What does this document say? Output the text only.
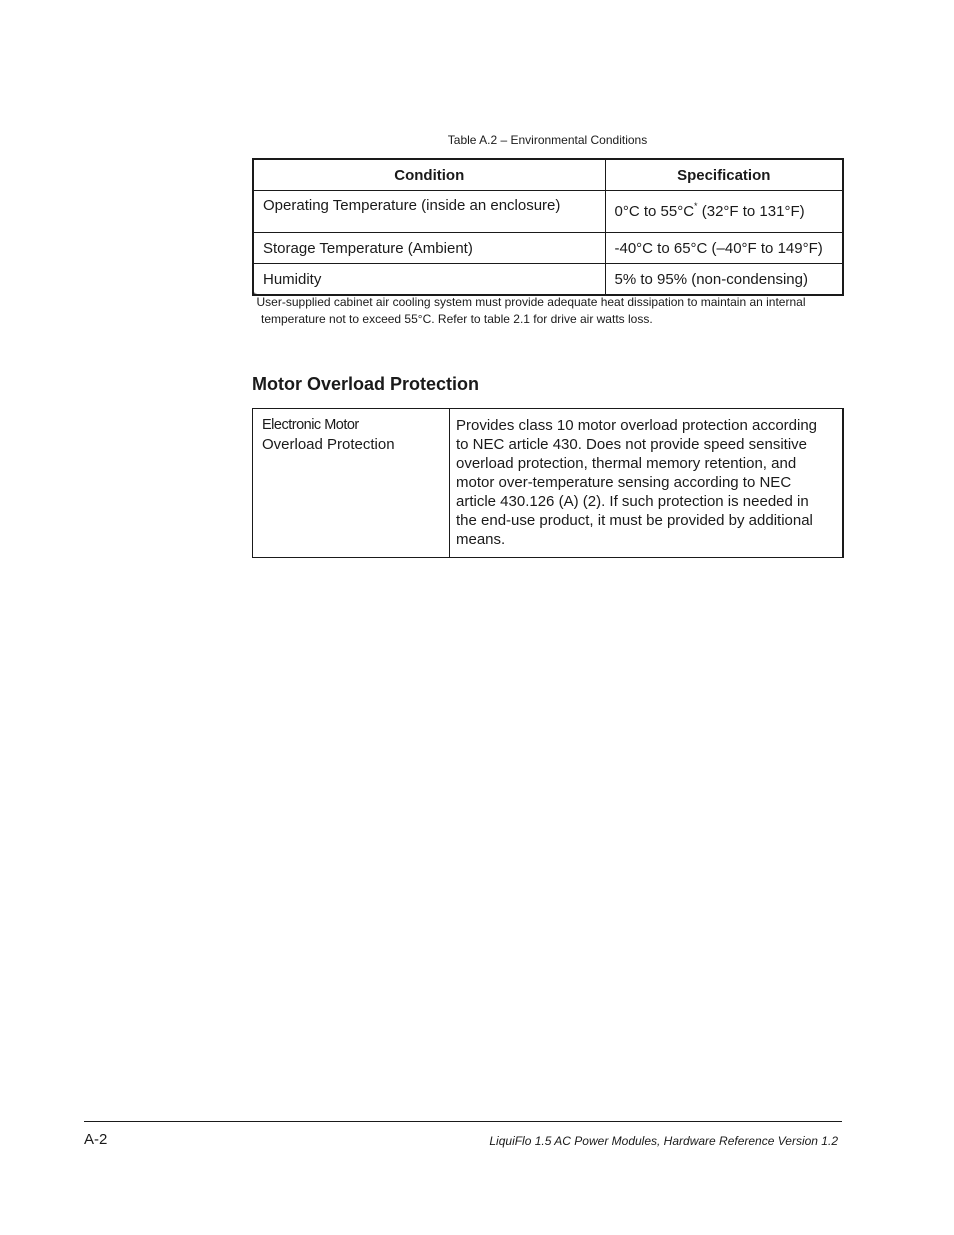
Table A.2 – Environmental Conditions
Condition	Specification
Operating Temperature (inside an enclosure)	0°C to 55°C* (32°F to 131°F)
Storage Temperature (Ambient)	-40°C to 65°C (–40°F to 149°F)
Humidity	5% to 95% (non-condensing)
*User-supplied cabinet air cooling system must provide adequate heat dissipation to maintain an internal
temperature not to exceed 55°C. Refer to table 2.1 for drive air watts loss.
Motor Overload Protection
Electronic Motor
Overload Protection
	Provides class 10 motor overload protection according to NEC article 430. Does not provide speed sensitive overload protection, thermal memory retention, and motor over-temperature sensing according to NEC article 430.126 (A) (2). If such protection is needed in the end-use product, it must be provided by additional means.
A-2	LiquiFlo 1.5 AC Power Modules, Hardware Reference Version 1.2
